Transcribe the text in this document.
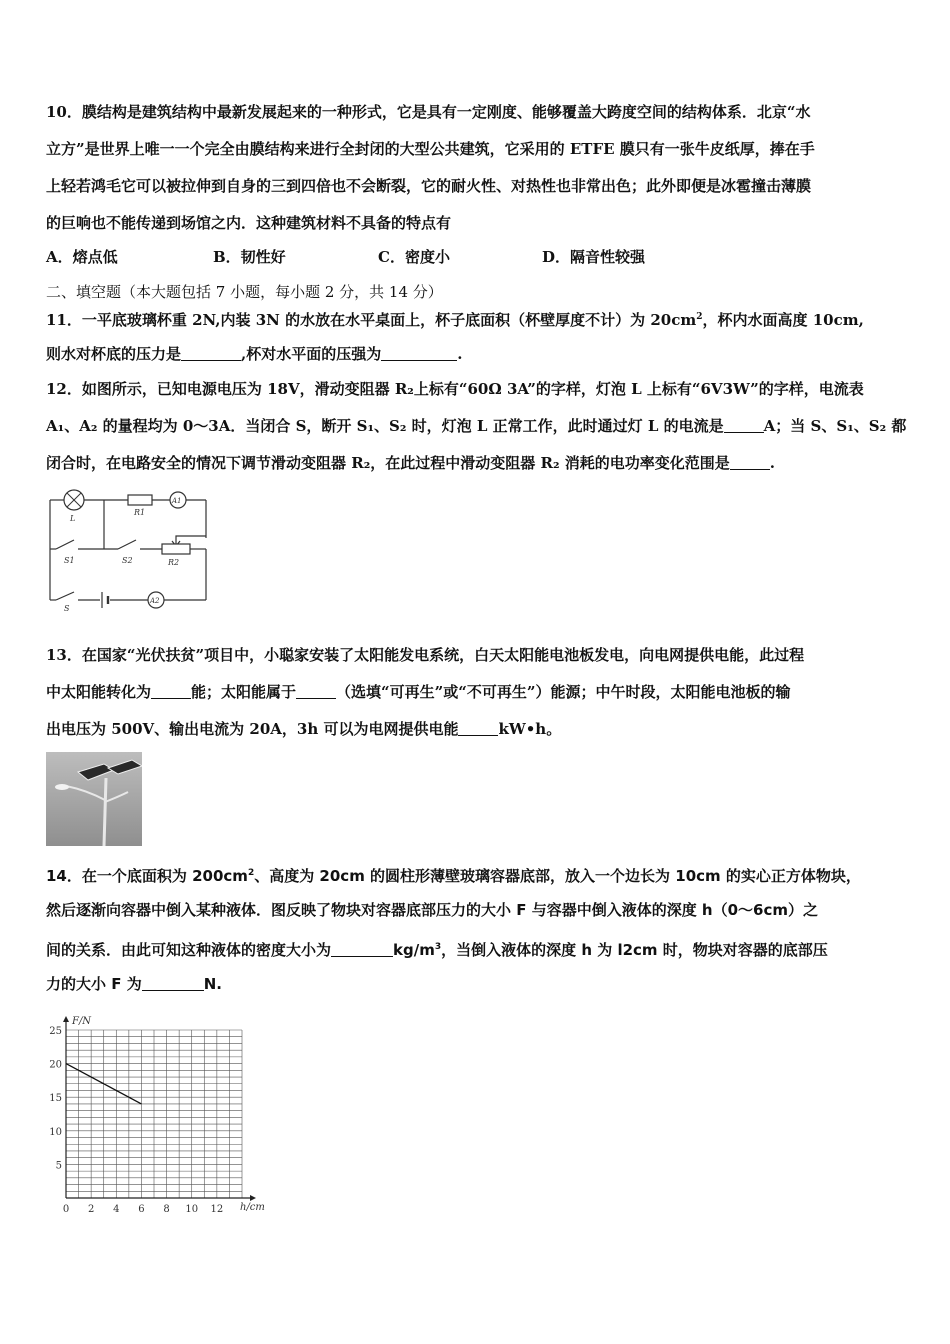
10．膜结构是建筑结构中最新发展起来的一种形式，它是具有一定刚度、能够覆盖大跨度空间的结构体系．北京“水
立方”是世界上唯一一个完全由膜结构来进行全封闭的大型公共建筑，它采用的 ETFE 膜只有一张牛皮纸厚，捧在手
上轻若鸿毛它可以被拉伸到自身的三到四倍也不会断裂，它的耐火性、对热性也非常出色；此外即便是冰雹撞击薄膜
的巨响也不能传递到场馆之内．这种建筑材料不具备的特点有
A．熔点低	B．韧性好	C．密度小	D．隔音性较强
二、填空题（本大题包括 7 小题，每小题 2 分，共 14 分）
11．一平底玻璃杯重 2N,内装 3N 的水放在水平桌面上，杯子底面积（杯壁厚度不计）为 $20cm^2$，杯内水面高度 10cm,
则水对杯底的压力是	,杯对水平面的压强为	.
12．如图所示，已知电源电压为 18V，滑动变阻器 R₂上标有“60Ω 3A”的字样，灯泡 L 上标有“6V3W”的字样，电流表
A₁、A₂ 的量程均为 0～3A．当闭合 S，断开 S₁、S₂ 时，灯泡 L 正常工作，此时通过灯 L 的电流是	A；当 S、S₁、S₂ 都
闭合时，在电路安全的情况下调节滑动变阻器 R₂，在此过程中滑动变阻器 R₂ 消耗的电功率变化范围是	.
L
R1
A1
S1	S2	R2
S
A2
13．在国家“光伏扶贫”项目中，小聪家安装了太阳能发电系统，白天太阳能电池板发电，向电网提供电能，此过程
中太阳能转化为	能；太阳能属于	（选填“可再生”或“不可再生”）能源；中午时段，太阳能电池板的输
出电压为 500V、输出电流为 20A，3h 可以为电网提供电能	kW•h。
14．在一个底面积为 $200cm^2$、高度为 20cm 的圆柱形薄壁玻璃容器底部，放入一个边长为 10cm 的实心正方体物块，
然后逐渐向容器中倒入某种液体．图反映了物块对容器底部压力的大小 F 与容器中倒入液体的深度 h（0～6cm）之
间的关系．由此可知这种液体的密度大小为	$kg/m^3$，当倒入液体的深度 h 为 l2cm 时，物块对容器的底部压
力的大小 F 为	N.
0 2 4 6 8 10 12
5
10
15
20
25
F/N
h/cm
